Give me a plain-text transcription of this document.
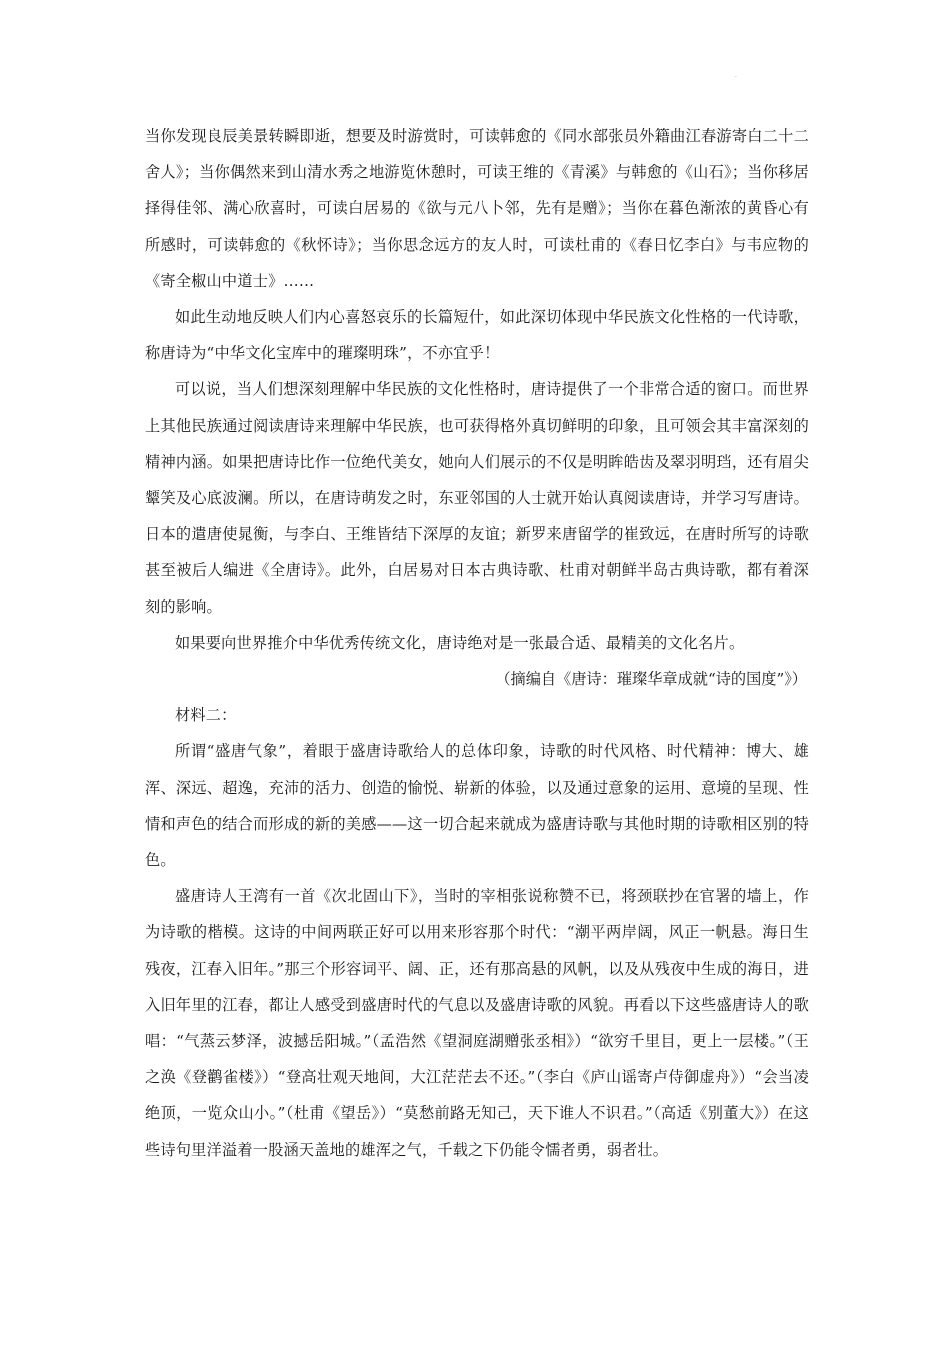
.

当你发现良辰美景转瞬即逝，想要及时游赏时，可读韩愈的《同水部张员外籍曲江春游寄白二十二舍人》；当你偶然来到山清水秀之地游览休憩时，可读王维的《青溪》与韩愈的《山石》；当你移居择得佳邻、满心欣喜时，可读白居易的《欲与元八卜邻，先有是赠》；当你在暮色渐浓的黄昏心有所感时，可读韩愈的《秋怀诗》；当你思念远方的友人时，可读杜甫的《春日忆李白》与韦应物的《寄全椒山中道士》……

如此生动地反映人们内心喜怒哀乐的长篇短什，如此深切体现中华民族文化性格的一代诗歌，称唐诗为“中华文化宝库中的璀璨明珠”，不亦宜乎！

可以说，当人们想深刻理解中华民族的文化性格时，唐诗提供了一个非常合适的窗口。而世界上其他民族通过阅读唐诗来理解中华民族，也可获得格外真切鲜明的印象，且可领会其丰富深刻的精神内涵。如果把唐诗比作一位绝代美女，她向人们展示的不仅是明眸皓齿及翠羽明珰，还有眉尖颦笑及心底波澜。所以，在唐诗萌发之时，东亚邻国的人士就开始认真阅读唐诗，并学习写唐诗。日本的遣唐使晁衡，与李白、王维皆结下深厚的友谊；新罗来唐留学的崔致远，在唐时所写的诗歌甚至被后人编进《全唐诗》。此外，白居易对日本古典诗歌、杜甫对朝鲜半岛古典诗歌，都有着深刻的影响。

如果要向世界推介中华优秀传统文化，唐诗绝对是一张最合适、最精美的文化名片。

（摘编自《唐诗：璀璨华章成就“诗的国度”》）

材料二：

所谓“盛唐气象”，着眼于盛唐诗歌给人的总体印象，诗歌的时代风格、时代精神：博大、雄浑、深远、超逸，充沛的活力、创造的愉悦、崭新的体验，以及通过意象的运用、意境的呈现、性情和声色的结合而形成的新的美感——这一切合起来就成为盛唐诗歌与其他时期的诗歌相区别的特色。

盛唐诗人王湾有一首《次北固山下》，当时的宰相张说称赞不已，将颈联抄在官署的墙上，作为诗歌的楷模。这诗的中间两联正好可以用来形容那个时代：“潮平两岸阔，风正一帆悬。海日生残夜，江春入旧年。”那三个形容词平、阔、正，还有那高悬的风帆，以及从残夜中生成的海日，进入旧年里的江春，都让人感受到盛唐时代的气息以及盛唐诗歌的风貌。再看以下这些盛唐诗人的歌唱：“气蒸云梦泽，波撼岳阳城。”（孟浩然《望洞庭湖赠张丞相》）“欲穷千里目，更上一层楼。”（王之涣《登鹳雀楼》）“登高壮观天地间，大江茫茫去不还。”（李白《庐山谣寄卢侍御虚舟》）“会当凌绝顶，一览众山小。”（杜甫《望岳》）“莫愁前路无知己，天下谁人不识君。”（高适《别董大》）在这些诗句里洋溢着一股涵天盖地的雄浑之气，千载之下仍能令懦者勇，弱者壮。
